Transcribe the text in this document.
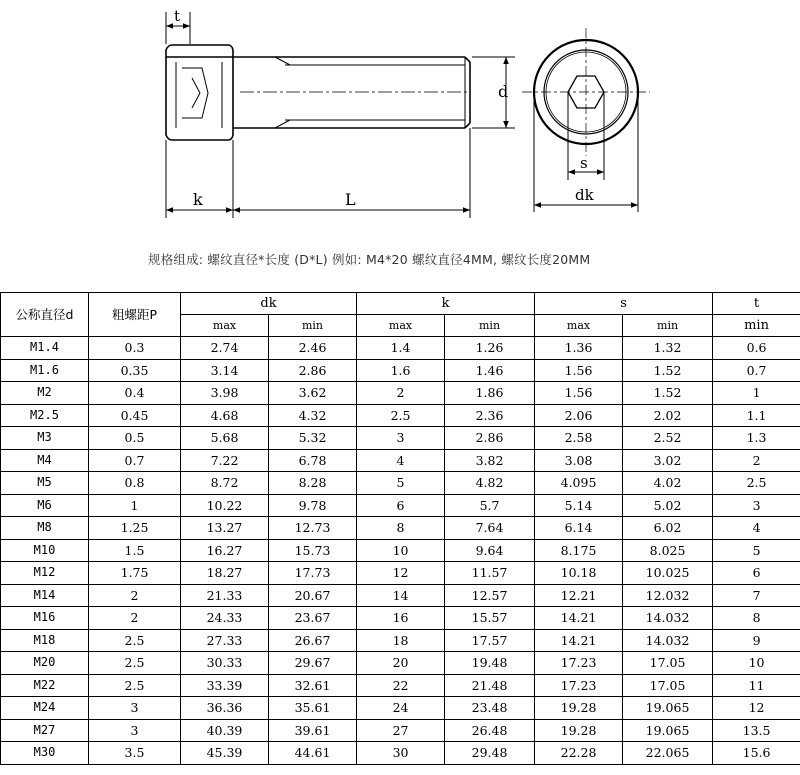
t
k	L
d
s
dk
规格组成: 螺纹直径*长度 (D*L) 例如: M4*20 螺纹直径4MM, 螺纹长度20MM
公称直径d	粗螺距P	dk		k		s		t
		max	min	max	min	max	min	min
M1.4	0.3	2.74	2.46	1.4	1.26	1.36	1.32	0.6
M1.6	0.35	3.14	2.86	1.6	1.46	1.56	1.52	0.7
M2	0.4	3.98	3.62	2	1.86	1.56	1.52	1
M2.5	0.45	4.68	4.32	2.5	2.36	2.06	2.02	1.1
M3	0.5	5.68	5.32	3	2.86	2.58	2.52	1.3
M4	0.7	7.22	6.78	4	3.82	3.08	3.02	2
M5	0.8	8.72	8.28	5	4.82	4.095	4.02	2.5
M6	1	10.22	9.78	6	5.7	5.14	5.02	3
M8	1.25	13.27	12.73	8	7.64	6.14	6.02	4
M10	1.5	16.27	15.73	10	9.64	8.175	8.025	5
M12	1.75	18.27	17.73	12	11.57	10.18	10.025	6
M14	2	21.33	20.67	14	12.57	12.21	12.032	7
M16	2	24.33	23.67	16	15.57	14.21	14.032	8
M18	2.5	27.33	26.67	18	17.57	14.21	14.032	9
M20	2.5	30.33	29.67	20	19.48	17.23	17.05	10
M22	2.5	33.39	32.61	22	21.48	17.23	17.05	11
M24	3	36.36	35.61	24	23.48	19.28	19.065	12
M27	3	40.39	39.61	27	26.48	19.28	19.065	13.5
M30	3.5	45.39	44.61	30	29.48	22.28	22.065	15.6
